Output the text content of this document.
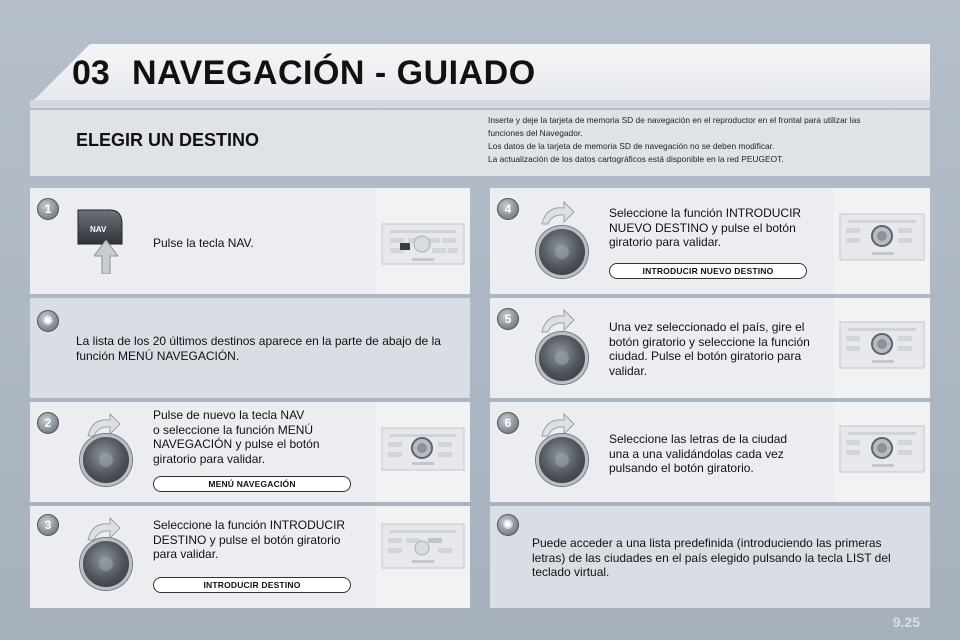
03 NAVEGACIÓN - GUIADO
ELEGIR UN DESTINO
Inserte y deje la tarjeta de memoria SD de navegación en el reproductor en el frontal para utilizar las
funciones del Navegador.
Los datos de la tarjeta de memoria SD de navegación no se deben modificar.
La actualización de los datos cartográficos está disponible en la red PEUGEOT.
1
NAV
Pulse la tecla NAV.
✺
La lista de los 20 últimos destinos aparece en la parte de abajo de la
función MENÚ NAVEGACIÓN.
2
Pulse de nuevo la tecla NAV
o seleccione la función MENÚ
NAVEGACIÓN y pulse el botón
giratorio para validar.
MENÚ NAVEGACIÓN
3	Seleccione la función INTRODUCIR
DESTINO y pulse el botón giratorio
para validar.
INTRODUCIR DESTINO
4	Seleccione la función INTRODUCIR
NUEVO DESTINO y pulse el botón
giratorio para validar.
INTRODUCIR NUEVO DESTINO
5
Una vez seleccionado el país, gire el
botón giratorio y seleccione la función
ciudad. Pulse el botón giratorio para
validar.
6
Seleccione las letras de la ciudad
una a una validándolas cada vez
pulsando el botón giratorio.
✺
Puede acceder a una lista predefinida (introduciendo las primeras
letras) de las ciudades en el país elegido pulsando la tecla LIST del
teclado virtual.
9.25
